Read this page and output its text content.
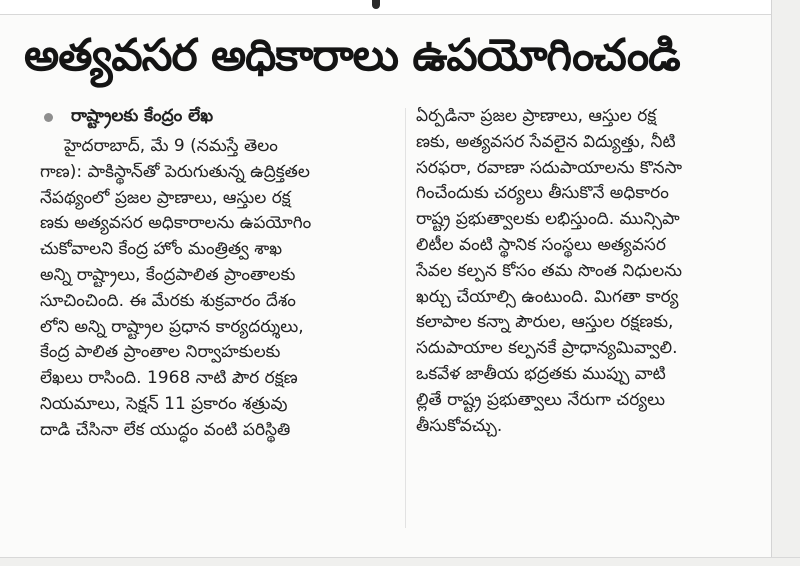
అత్యవసర అధికారాలు ఉపయోగించండి
రాష్ట్రాలకు కేంద్రం లేఖ
హైదరాబాద్, మే 9 (నమస్తే తెలం
గాణ): పాకిస్థాన్‌తో పెరుగుతున్న ఉద్రిక్తతల
నేపథ్యంలో ప్రజల ప్రాణాలు, ఆస్తుల రక్ష
ణకు అత్యవసర అధికారాలను ఉపయోగిం
చుకోవాలని కేంద్ర హోం మంత్రిత్వ శాఖ
అన్ని రాష్ట్రాలు, కేంద్రపాలిత ప్రాంతాలకు
సూచించింది. ఈ మేరకు శుక్రవారం దేశం
లోని అన్ని రాష్ట్రాల ప్రధాన కార్యదర్శులు,
కేంద్ర పాలిత ప్రాంతాల నిర్వాహకులకు
లేఖలు రాసింది. 1968 నాటి పౌర రక్షణ
నియమాలు, సెక్షన్ 11 ప్రకారం శత్రువు
దాడి చేసినా లేక యుద్ధం వంటి పరిస్థితి
ఏర్పడినా ప్రజల ప్రాణాలు, ఆస్తుల రక్ష
ణకు, అత్యవసర సేవలైన విద్యుత్తు, నీటి
సరఫరా, రవాణా సదుపాయాలను కొనసా
గించేందుకు చర్యలు తీసుకొనే అధికారం
రాష్ట్ర ప్రభుత్వాలకు లభిస్తుంది. మున్సిపా
లిటీల వంటి స్థానిక సంస్థలు అత్యవసర
సేవల కల్పన కోసం తమ సొంత నిధులను
ఖర్చు చేయాల్సి ఉంటుంది. మిగతా కార్య
కలాపాల కన్నా పౌరుల, ఆస్తుల రక్షణకు,
సదుపాయాల కల్పనకే ప్రాధాన్యమివ్వాలి.
ఒకవేళ జాతీయ భద్రతకు ముప్పు వాటి
ల్లితే రాష్ట్ర ప్రభుత్వాలు నేరుగా చర్యలు
తీసుకోవచ్చు.
